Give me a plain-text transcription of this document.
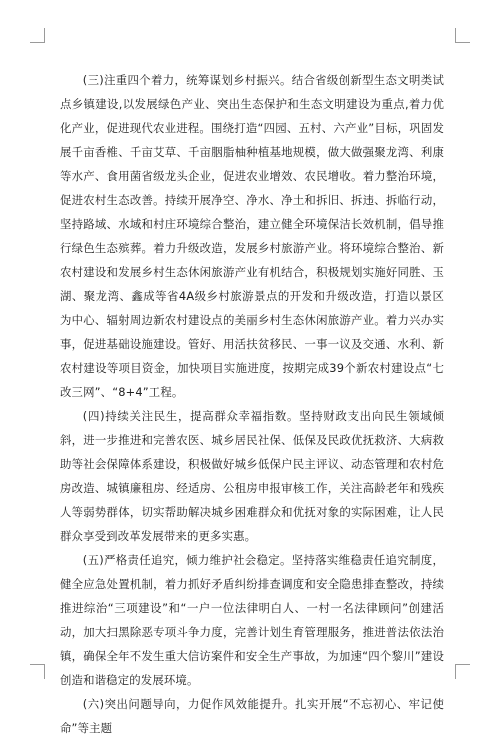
(三)注重四个着力，统筹谋划乡村振兴。结合省级创新型生态文明类试点乡镇建设,以发展绿色产业、突出生态保护和生态文明建设为重点,着力优化产业，促进现代农业进程。围绕打造“四园、五村、六产业”目标，巩固发展千亩香椎、千亩艾草、千亩胭脂柚种植基地规模，做大做强聚龙湾、利康等水产、食用菌省级龙头企业，促进农业增效、农民增收。着力整治环境，促进农村生态改善。持续开展净空、净水、净土和拆旧、拆违、拆临行动，坚持路域、水域和村庄环境综合整治，建立健全环境保洁长效机制，倡导推行绿色生态殡葬。着力升级改造，发展乡村旅游产业。将环境综合整治、新农村建设和发展乡村生态休闲旅游产业有机结合，积极规划实施好同胜、玉湖、聚龙湾、鑫成等省4A级乡村旅游景点的开发和升级改造，打造以景区为中心、辐射周边新农村建设点的美丽乡村生态休闲旅游产业。着力兴办实事，促进基础设施建设。管好、用活扶贫移民、一事一议及交通、水利、新农村建设等项目资金，加快项目实施进度，按期完成39个新农村建设点“七改三网”、“8+4”工程。

(四)持续关注民生，提高群众幸福指数。坚持财政支出向民生领域倾斜，进一步推进和完善农医、城乡居民社保、低保及民政优抚救济、大病救助等社会保障体系建设，积极做好城乡低保户民主评议、动态管理和农村危房改造、城镇廉租房、经适房、公租房申报审核工作，关注高龄老年和残疾人等弱势群体，切实帮助解决城乡困难群众和优抚对象的实际困难，让人民群众享受到改革发展带来的更多实惠。

(五)严格责任追究，倾力维护社会稳定。坚持落实维稳责任追究制度，健全应急处置机制，着力抓好矛盾纠纷排查调度和安全隐患排查整改，持续推进综治“三项建设”和“一户一位法律明白人、一村一名法律顾问”创建活动，加大扫黑除恶专项斗争力度，完善计划生育管理服务，推进普法依法治镇，确保全年不发生重大信访案件和安全生产事故，为加速“四个黎川”建设创造和谐稳定的发展环境。

(六)突出问题导向，力促作风效能提升。扎实开展“不忘初心、牢记使命”等主题
